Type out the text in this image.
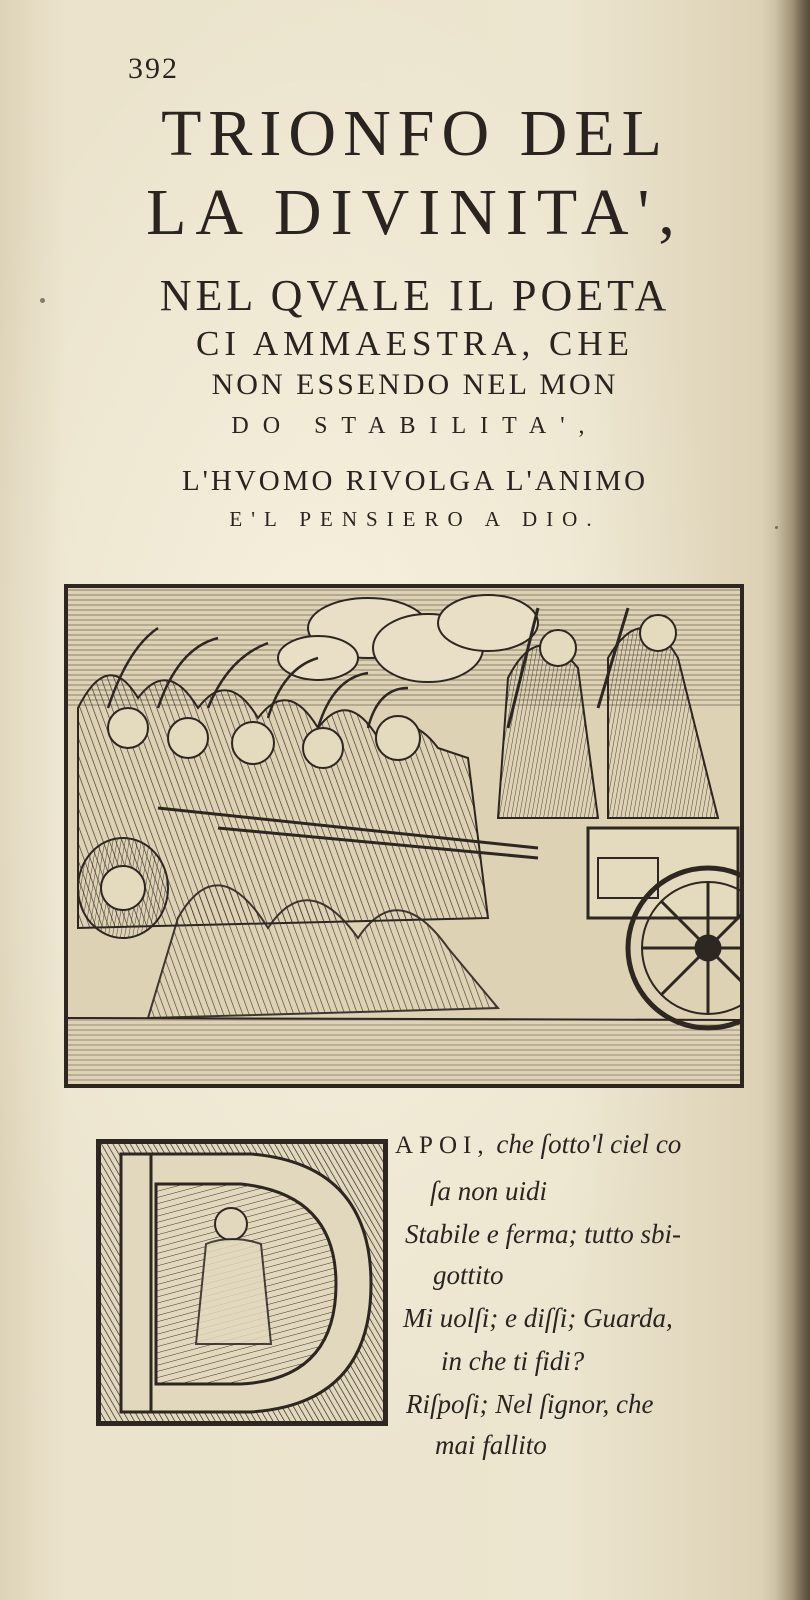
392
TRIONFO DEL
LA DIVINITA',
NEL QVALE IL POETA
CI AMMAESTRA, CHE
NON ESSENDO NEL MON
DO STABILITA',
L'HVOMO RIVOLGA L'ANIMO
E'L PENSIERO A DIO.
APOI, che ſotto'l ciel co
ſa non uidi
Stabile e ferma; tutto sbi-
gottito
Mi uolſi; e diſſi; Guarda,
in che ti fidi?
Riſpoſi; Nel ſignor, che
mai fallito
